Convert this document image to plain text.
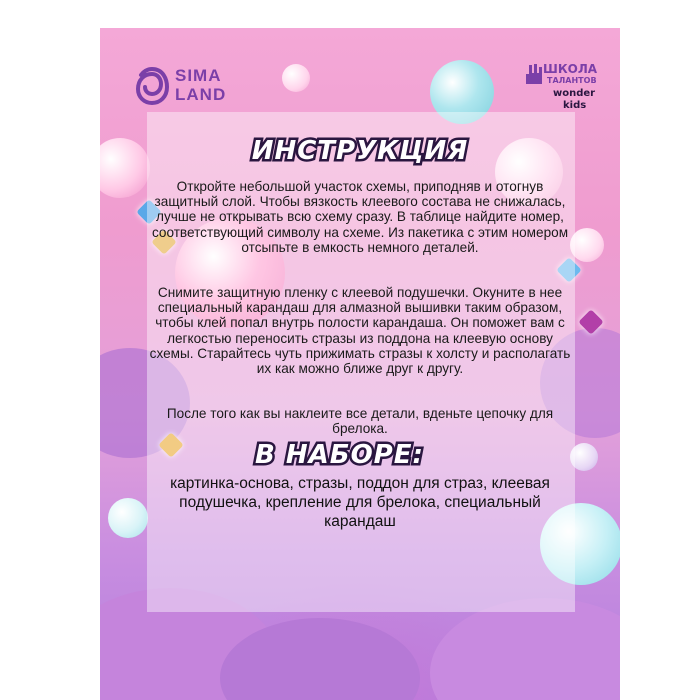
SIMA
LAND
ШКОЛА
ТАЛАНТОВ
wonder
kids
ИНСТРУКЦИЯ

Откройте небольшой участок схемы, приподняв и отогнув защитный слой. Чтобы вязкость клеевого состава не снижалась, лучше не открывать всю схему сразу. В таблице найдите номер, соответствующий символу на схеме. Из пакетика с этим номером отсыпьте в емкость немного деталей.

Снимите защитную пленку с клеевой подушечки. Окуните в нее специальный карандаш для алмазной вышивки таким образом, чтобы клей попал внутрь полости карандаша. Он поможет вам с легкостью переносить стразы из поддона на клеевую основу схемы. Старайтесь чуть прижимать стразы к холсту и располагать их как можно ближе друг к другу.

После того как вы наклеите все детали, вденьте цепочку для брелока.

В НАБОРЕ:

картинка-основа, стразы, поддон для страз, клеевая подушечка, крепление для брелока, специальный карандаш
